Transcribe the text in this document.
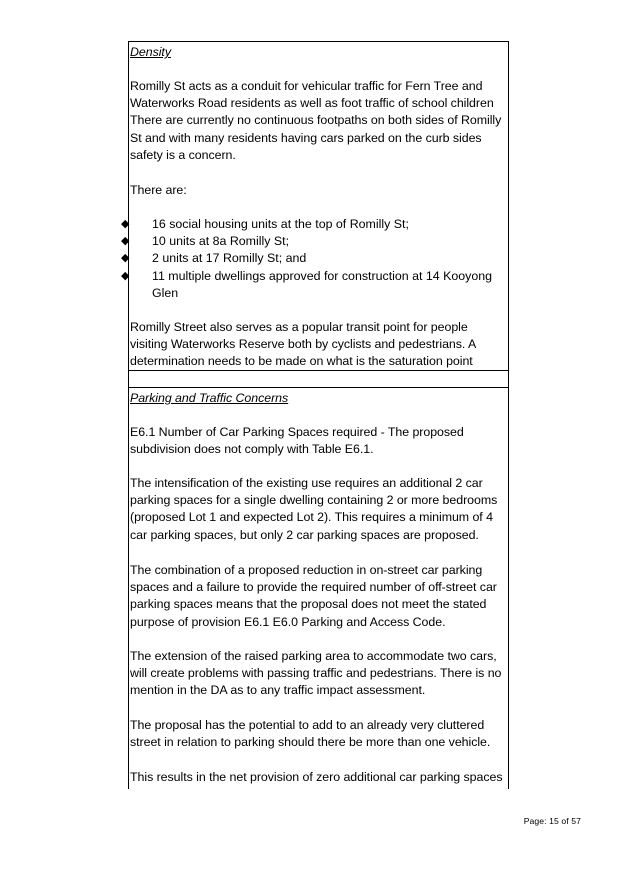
Density

Romilly St acts as a conduit for vehicular traffic for Fern Tree and Waterworks Road residents as well as foot traffic of school children There are currently no continuous footpaths on both sides of Romilly St and with many residents having cars parked on the curb sides safety is a concern.

There are:

◆ 16 social housing units at the top of Romilly St;
◆ 10 units at 8a Romilly St;
◆ 2 units at 17 Romilly St; and
◆ 11 multiple dwellings approved for construction at 14 Kooyong Glen

Romilly Street also serves as a popular transit point for people visiting Waterworks Reserve both by cyclists and pedestrians. A determination needs to be made on what is the saturation point

Parking and Traffic Concerns

E6.1 Number of Car Parking Spaces required - The proposed subdivision does not comply with Table E6.1.

The intensification of the existing use requires an additional 2 car parking spaces for a single dwelling containing 2 or more bedrooms (proposed Lot 1 and expected Lot 2). This requires a minimum of 4 car parking spaces, but only 2 car parking spaces are proposed.

The combination of a proposed reduction in on-street car parking spaces and a failure to provide the required number of off-street car parking spaces means that the proposal does not meet the stated purpose of provision E6.1 E6.0 Parking and Access Code.

The extension of the raised parking area to accommodate two cars, will create problems with passing traffic and pedestrians. There is no mention in the DA as to any traffic impact assessment.

The proposal has the potential to add to an already very cluttered street in relation to parking should there be more than one vehicle.

This results in the net provision of zero additional car parking spaces

Page: 15 of 57
